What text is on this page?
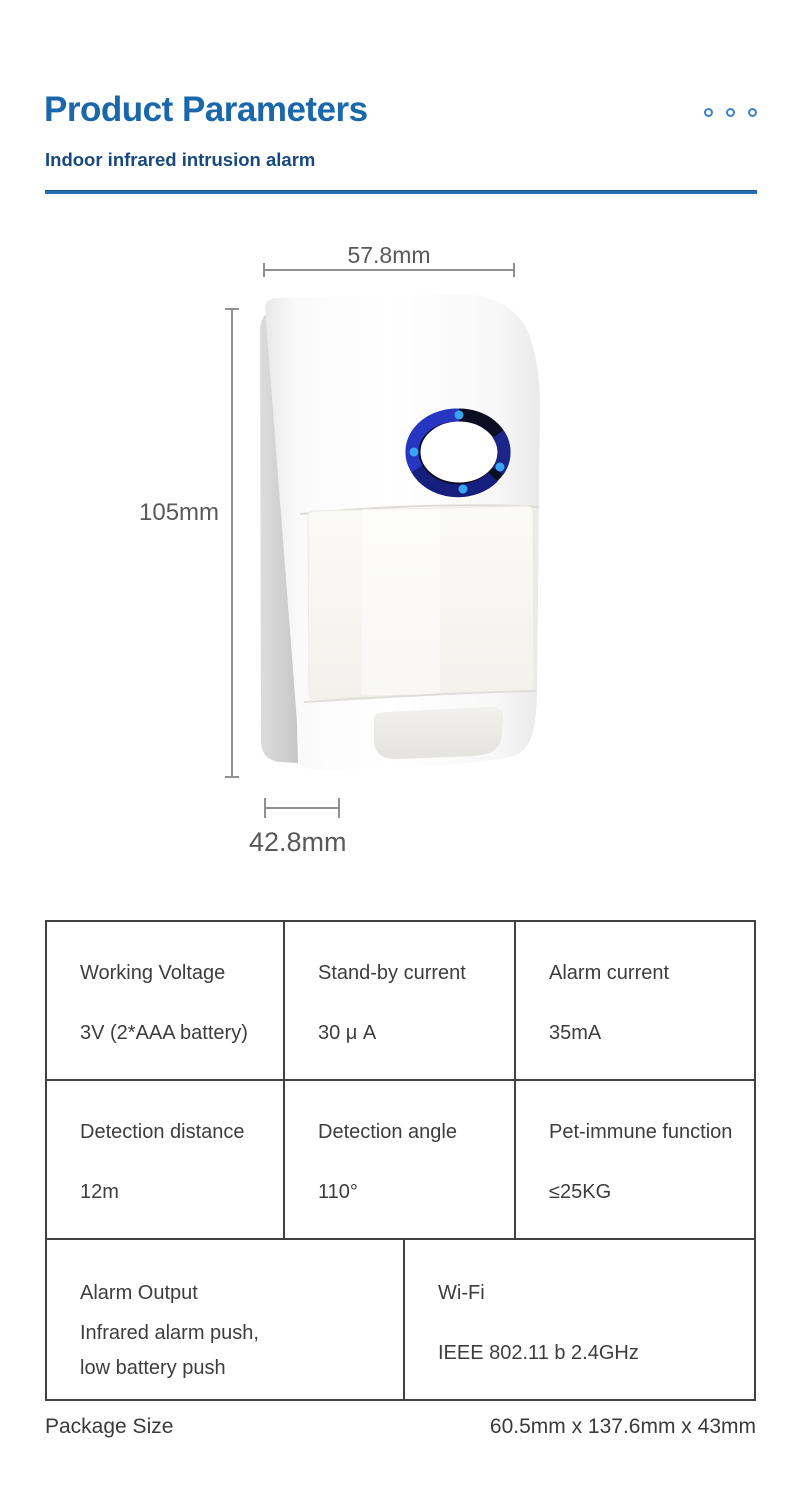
Product Parameters
Indoor infrared intrusion alarm
57.8mm
105mm
42.8mm
Working Voltage
3V (2*AAA battery)
Stand-by current
30 μ A
Alarm current
35mA
Detection distance
12m
Detection angle
110°
Pet-immune function
≤25KG
Alarm Output
Infrared alarm push,
low battery push
Wi-Fi
IEEE 802.11 b 2.4GHz
Package Size	60.5mm x 137.6mm x 43mm
